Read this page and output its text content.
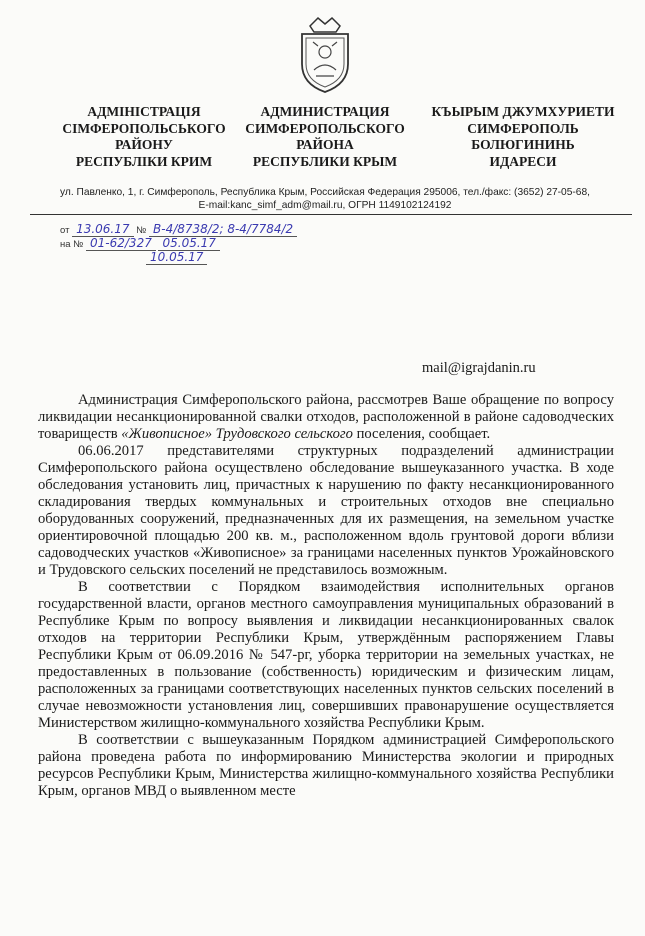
АДМІНІСТРАЦІЯ
СІМФЕРОПОЛЬСЬКОГО
РАЙОНУ
РЕСПУБЛІКИ КРИМ
АДМИНИСТРАЦИЯ
СИМФЕРОПОЛЬСКОГО
РАЙОНА
РЕСПУБЛИКИ КРЫМ
КЪЫРЫМ ДЖУМХУРИЕТИ
СИМФЕРОПОЛЬ
БОЛЮГИНИНЬ
ИДАРЕСИ
ул. Павленко, 1, г. Симферополь, Республика Крым, Российская Федерация 295006, тел./факс: (3652) 27-05-68,
E-mail:kanc_simf_adm@mail.ru, ОГРН 1149102124192
от 13.06.17 № В-4/8738/2; 8-4/7784/2
на № 01-62/327 05.05.17
10.05.17
mail@igrajdanin.ru

Администрация Симферопольского района, рассмотрев Ваше обращение по вопросу ликвидации несанкционированной свалки отходов, расположенной в районе садоводческих товариществ «Живописное» Трудовского сельского поселения, сообщает.

06.06.2017 представителями структурных подразделений администрации Симферопольского района осуществлено обследование вышеуказанного участка. В ходе обследования установить лиц, причастных к нарушению по факту несанкционированного складирования твердых коммунальных и строительных отходов вне специально оборудованных сооружений, предназначенных для их размещения, на земельном участке ориентировочной площадью 200 кв. м., расположенном вдоль грунтовой дороги вблизи садоводческих участков «Живописное» за границами населенных пунктов Урожайновского и Трудовского сельских поселений не представилось возможным.

В соответствии с Порядком взаимодействия исполнительных органов государственной власти, органов местного самоуправления муниципальных образований в Республике Крым по вопросу выявления и ликвидации несанкционированных свалок отходов на территории Республики Крым, утверждённым распоряжением Главы Республики Крым от 06.09.2016 № 547-рг, уборка территории на земельных участках, не предоставленных в пользование (собственность) юридическим и физическим лицам, расположенных за границами соответствующих населенных пунктов сельских поселений в случае невозможности установления лиц, совершивших правонарушение осуществляется Министерством жилищно-коммунального хозяйства Республики Крым.

В соответствии с вышеуказанным Порядком администрацией Симферопольского района проведена работа по информированию Министерства экологии и природных ресурсов Республики Крым, Министерства жилищно-коммунального хозяйства Республики Крым, органов МВД о выявленном месте
